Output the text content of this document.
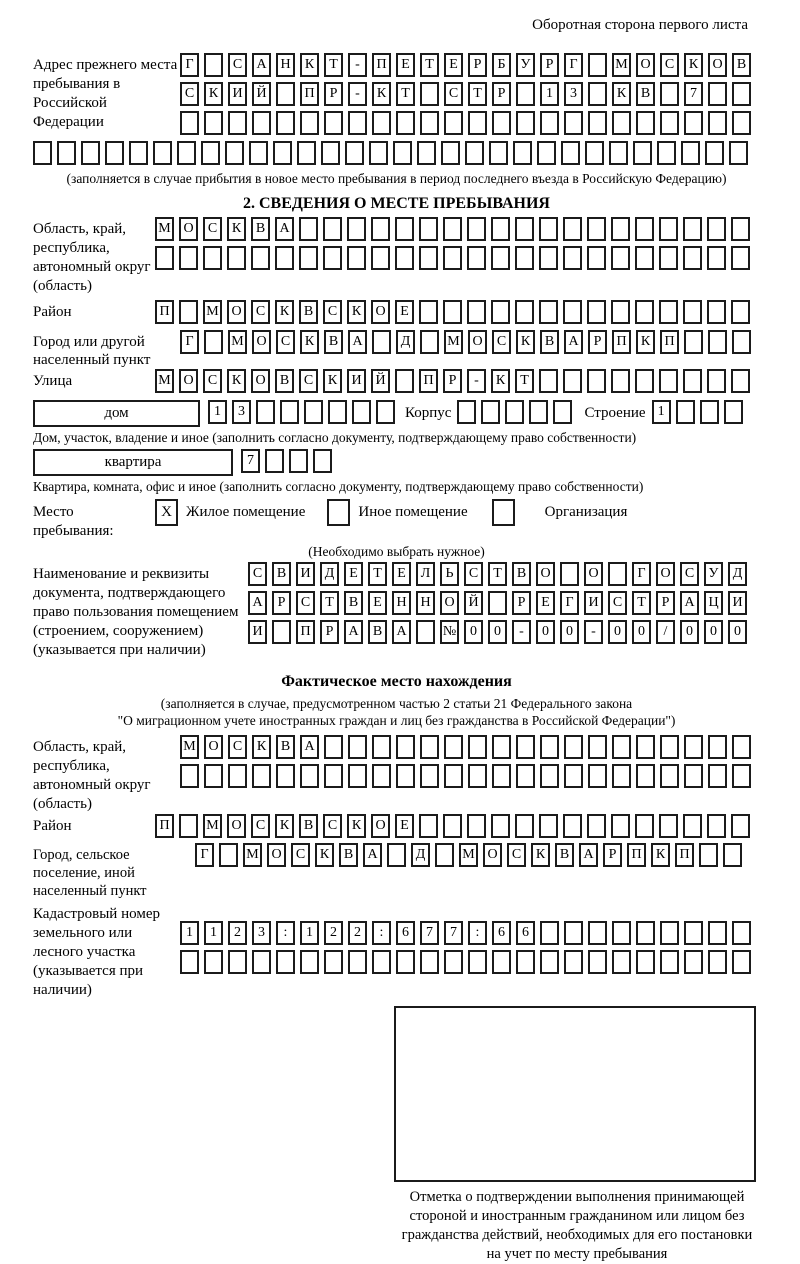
Оборотная сторона первого листа
Адрес прежнего места пребывания в Российской Федерации
Г	С	А Н	К	Т	-	П	Е	Т	Е	Р	Б	У	Р	Г	М О	С	К	О	В
С	К	И Й	П	Р	-	К	Т	С	Т	Р	1	3	К	В	7
(заполняется в случае прибытия в новое место пребывания в период последнего въезда в Российскую Федерацию)
2. СВЕДЕНИЯ О МЕСТЕ ПРЕБЫВАНИЯ
Область, край, республика, автономный округ (область)
М О	С	К	В	А
Район	П	М О	С	К	В	С	К	О	Е
Город или другой населенный пункт
Г	М О	С	К	В	А	Д	М О	С	К	В	А	Р	П	К	П
Улица	М О	С	К	О	В	С	К	И Й	П	Р	-	К	Т
дом	1	3	Корпус	Строение 1
Дом, участок, владение и иное (заполнить согласно документу, подтверждающему право собственности)
квартира	7
Квартира, комната, офис и иное (заполнить согласно документу, подтверждающему право собственности)
Место пребывания:
X Жилое помещение	Иное помещение	Организация
(Необходимо выбрать нужное)
Наименование и реквизиты документа, подтверждающего право пользования помещением (строением, сооружением) (указывается при наличии)
С	В	И	Д	Е	Т	Е	Л	Ь	С	Т	В	О	О	Г	О	С	У	Д
А	Р	С	Т	В	Е	Н Н О Й	Р	Е	Г	И	С	Т	Р	А Ц И
И	П	Р	А	В	А	№ 0	0	-	0	0	-	0	0	/	0	0	0
Фактическое место нахождения
(заполняется в случае, предусмотренном частью 2 статьи 21 Федерального закона
"О миграционном учете иностранных граждан и лиц без гражданства в Российской Федерации")
Область, край, республика, автономный округ (область)
М О	С	К	В	А
Район	П	М О	С	К	В	С	К	О	Е
Город, сельское поселение, иной населенный пункт
Г	М О	С	К	В	А	Д	М О	С	К	В	А	Р	П	К	П
Кадастровый номер земельного или лесного участка (указывается при наличии)
1	1	2	3	:	1	2	2	:	6	7	7	:	6	6
Отметка о подтверждении выполнения принимающей стороной и иностранным гражданином или лицом без гражданства действий, необходимых для его постановки на учет по месту пребывания
